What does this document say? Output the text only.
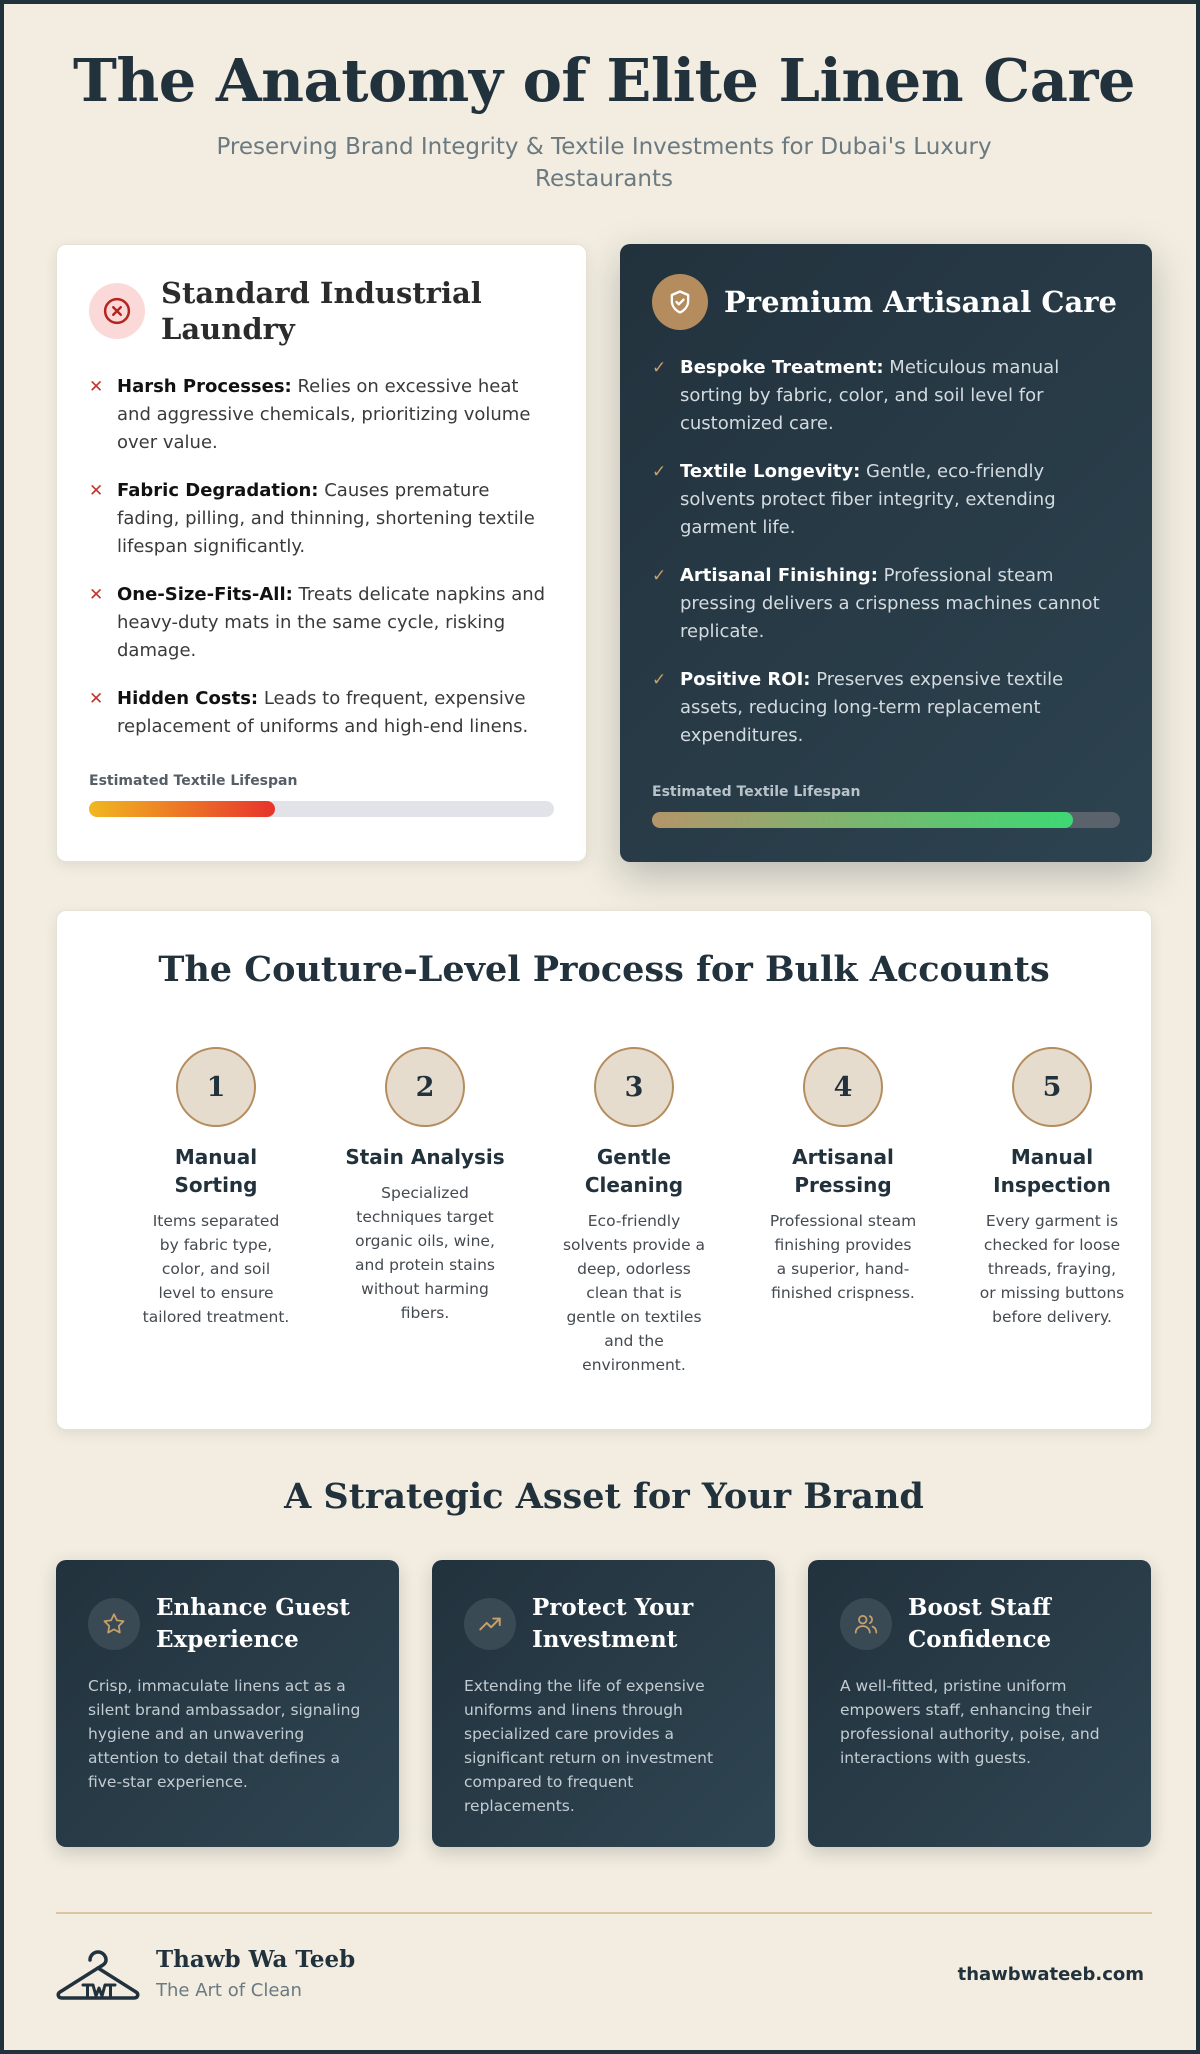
The Anatomy of Elite Linen Care

Preserving Brand Integrity & Textile Investments for Dubai's Luxury Restaurants

Standard Industrial Laundry
✕ Harsh Processes: Relies on excessive heat and aggressive chemicals, prioritizing volume over value.

✕ Fabric Degradation: Causes premature fading, pilling, and thinning, shortening textile lifespan significantly.

✕ One-Size-Fits-All: Treats delicate napkins and heavy-duty mats in the same cycle, risking damage.

✕ Hidden Costs: Leads to frequent, expensive replacement of uniforms and high-end linens.

Estimated Textile Lifespan
Premium Artisanal Care
✓ Bespoke Treatment: Meticulous manual sorting by fabric, color, and soil level for customized care.

✓ Textile Longevity: Gentle, eco-friendly solvents protect fiber integrity, extending garment life.

✓ Artisanal Finishing: Professional steam pressing delivers a crispness machines cannot replicate.

✓ Positive ROI: Preserves expensive textile assets, reducing long-term replacement expenditures.

Estimated Textile Lifespan
The Couture-Level Process for Bulk Accounts
1
Manual Sorting
Items separated by fabric type, color, and soil level to ensure tailored treatment.
2
Stain Analysis
Specialized techniques target organic oils, wine, and protein stains without harming fibers.
3
Gentle Cleaning
Eco-friendly solvents provide a deep, odorless clean that is gentle on textiles and the environment.
4
Artisanal Pressing
Professional steam finishing provides a superior, hand-finished crispness.
5
Manual Inspection
Every garment is checked for loose threads, fraying, or missing buttons before delivery.
A Strategic Asset for Your Brand
Enhance Guest Experience
Crisp, immaculate linens act as a silent brand ambassador, signaling hygiene and an unwavering attention to detail that defines a five-star experience.
Protect Your Investment
Extending the life of expensive uniforms and linens through specialized care provides a significant return on investment compared to frequent replacements.
Boost Staff Confidence
A well-fitted, pristine uniform empowers staff, enhancing their professional authority, poise, and interactions with guests.
Thawb Wa Teeb
The Art of Clean
thawbwateeb.com
